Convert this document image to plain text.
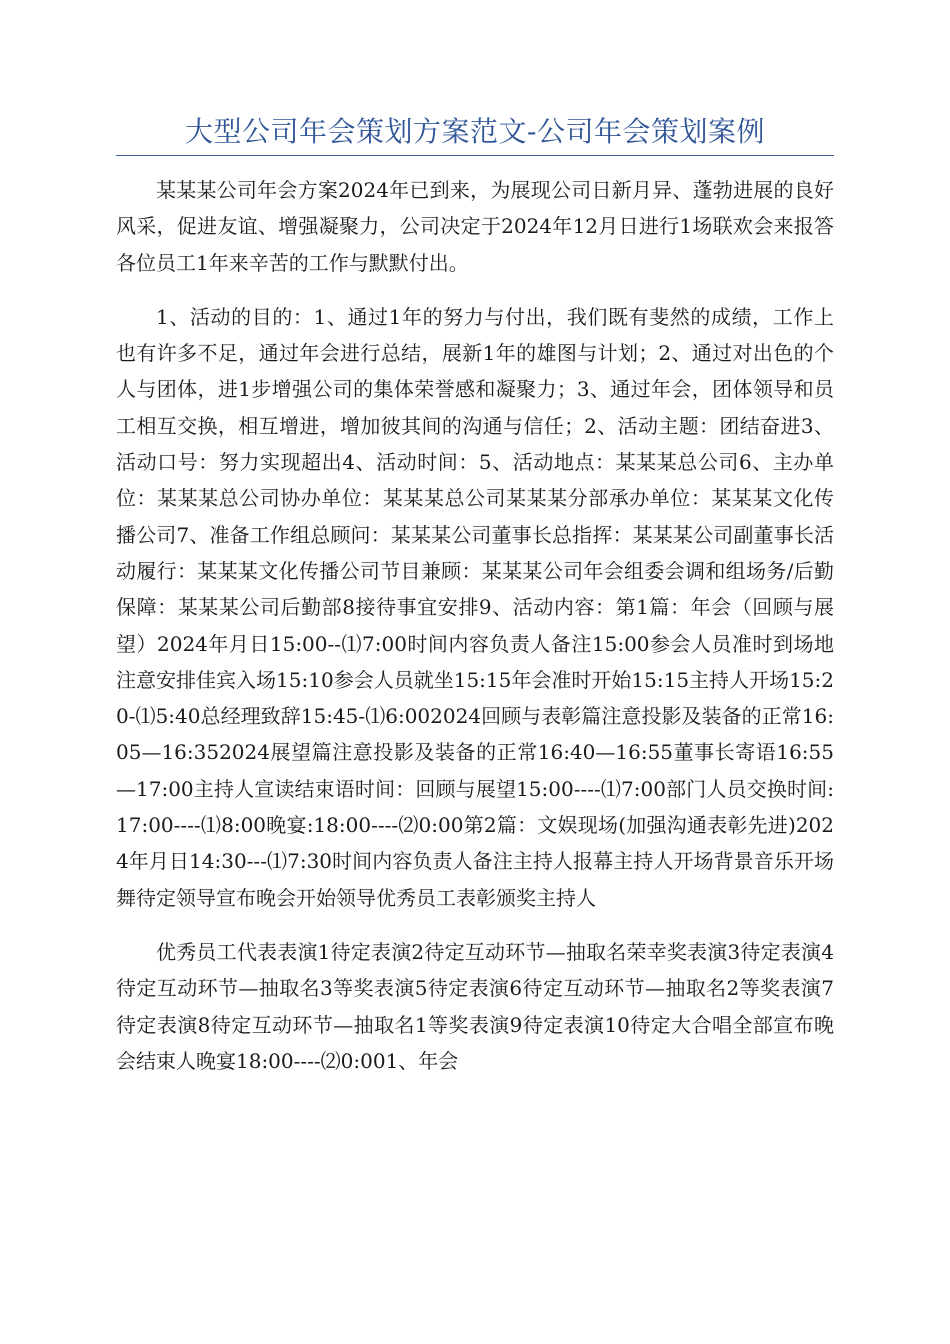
大型公司年会策划方案范文-公司年会策划案例

某某某公司年会方案2024年已到来，为展现公司日新月异、蓬勃进展的良好风采，促进友谊、增强凝聚力，公司决定于2024年12月日进行1场联欢会来报答各位员工1年来辛苦的工作与默默付出。

1、活动的目的：1、通过1年的努力与付出，我们既有斐然的成绩，工作上也有许多不足，通过年会进行总结，展新1年的雄图与计划；2、通过对出色的个人与团体，进1步增强公司的集体荣誉感和凝聚力；3、通过年会，团体领导和员工相互交换，相互增进，增加彼其间的沟通与信任；2、活动主题：团结奋进3、活动口号：努力实现超出4、活动时间：5、活动地点：某某某总公司6、主办单位：某某某总公司协办单位：某某某总公司某某某分部承办单位：某某某文化传播公司7、准备工作组总顾问：某某某公司董事长总指挥：某某某公司副董事长活动履行：某某某文化传播公司节目兼顾：某某某公司年会组委会调和组场务/后勤保障：某某某公司后勤部8接待事宜安排9、活动内容：第1篇：年会（回顾与展望）2024年月日15:00--⑴7:00时间内容负责人备注15:00参会人员准时到场地注意安排佳宾入场15:10参会人员就坐15:15年会准时开始15:15主持人开场15:20-⑴5:40总经理致辞15:45-⑴6:002024回顾与表彰篇注意投影及装备的正常16:05—16:352024展望篇注意投影及装备的正常16:40—16:55董事长寄语16:55—17:00主持人宣读结束语时间：回顾与展望15:00----⑴7:00部门人员交换时间:17:00----⑴8:00晚宴:18:00----⑵0:00第2篇：文娱现场(加强沟通表彰先进)2024年月日14:30---⑴7:30时间内容负责人备注主持人报幕主持人开场背景音乐开场舞待定领导宣布晚会开始领导优秀员工表彰颁奖主持人

优秀员工代表表演1待定表演2待定互动环节—抽取名荣幸奖表演3待定表演4待定互动环节—抽取名3等奖表演5待定表演6待定互动环节—抽取名2等奖表演7待定表演8待定互动环节—抽取名1等奖表演9待定表演10待定大合唱全部宣布晚会结束人晚宴18:00----⑵0:001、年会
